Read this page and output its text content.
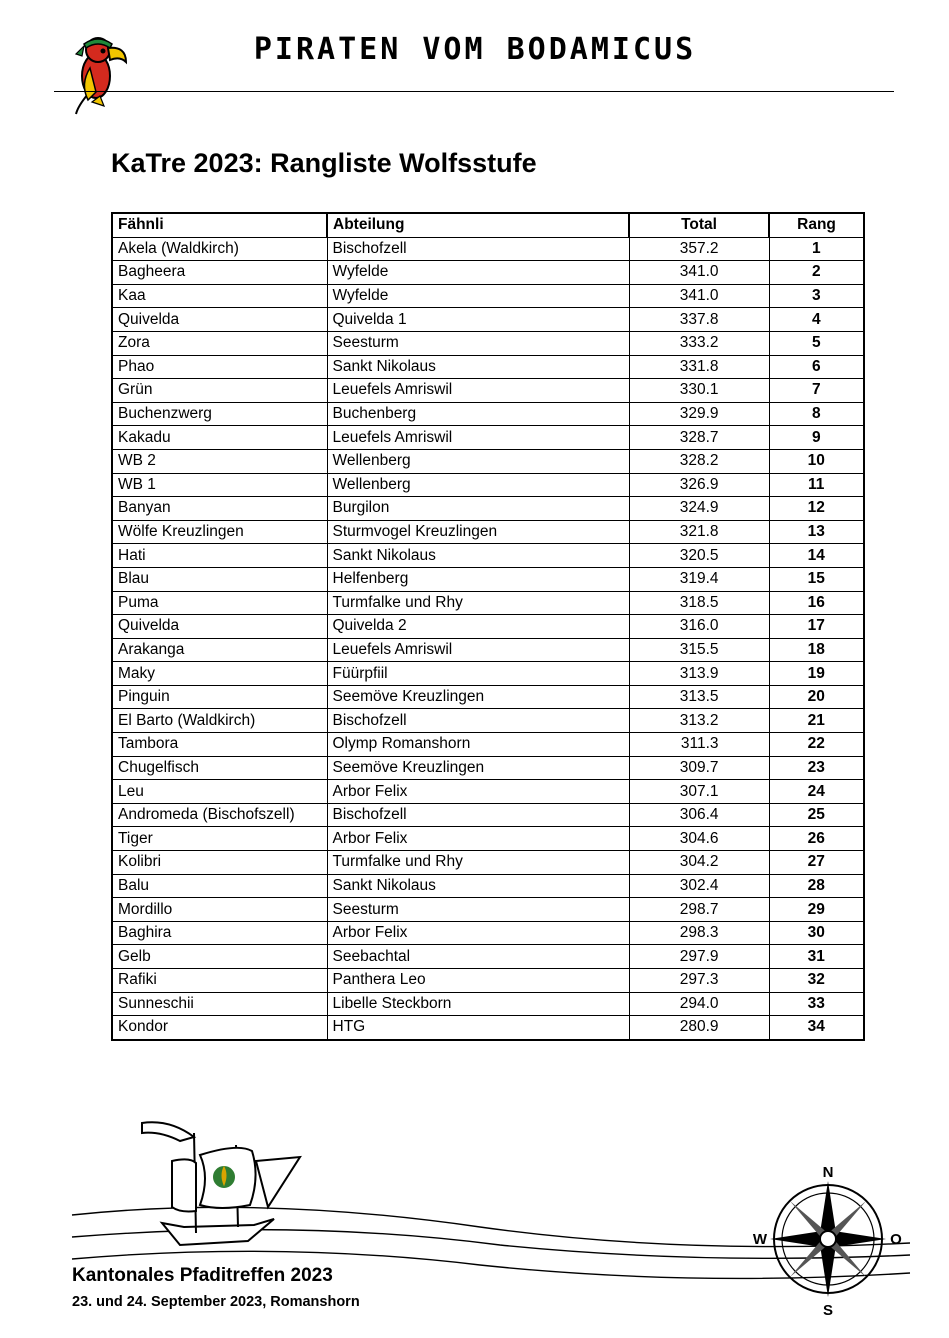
PIRATEN VOM BODAMICUS
KaTre 2023: Rangliste Wolfsstufe
Fähnli	Abteilung	Total	Rang
Akela (Waldkirch)	Bischofzell	357.2	1
Bagheera	Wyfelde	341.0	2
Kaa	Wyfelde	341.0	3
Quivelda	Quivelda 1	337.8	4
Zora	Seesturm	333.2	5
Phao	Sankt Nikolaus	331.8	6
Grün	Leuefels Amriswil	330.1	7
Buchenzwerg	Buchenberg	329.9	8
Kakadu	Leuefels Amriswil	328.7	9
WB 2	Wellenberg	328.2	10
WB 1	Wellenberg	326.9	11
Banyan	Burgilon	324.9	12
Wölfe Kreuzlingen	Sturmvogel Kreuzlingen	321.8	13
Hati	Sankt Nikolaus	320.5	14
Blau	Helfenberg	319.4	15
Puma	Turmfalke und Rhy	318.5	16
Quivelda	Quivelda 2	316.0	17
Arakanga	Leuefels Amriswil	315.5	18
Maky	Füürpfiil	313.9	19
Pinguin	Seemöve Kreuzlingen	313.5	20
El Barto (Waldkirch)	Bischofzell	313.2	21
Tambora	Olymp Romanshorn	311.3	22
Chugelfisch	Seemöve Kreuzlingen	309.7	23
Leu	Arbor Felix	307.1	24
Andromeda (Bischofszell)	Bischofzell	306.4	25
Tiger	Arbor Felix	304.6	26
Kolibri	Turmfalke und Rhy	304.2	27
Balu	Sankt Nikolaus	302.4	28
Mordillo	Seesturm	298.7	29
Baghira	Arbor Felix	298.3	30
Gelb	Seebachtal	297.9	31
Rafiki	Panthera Leo	297.3	32
Sunneschii	Libelle Steckborn	294.0	33
Kondor	HTG	280.9	34
N
S
W	O
Kantonales Pfaditreffen 2023
23. und 24. September 2023, Romanshorn
